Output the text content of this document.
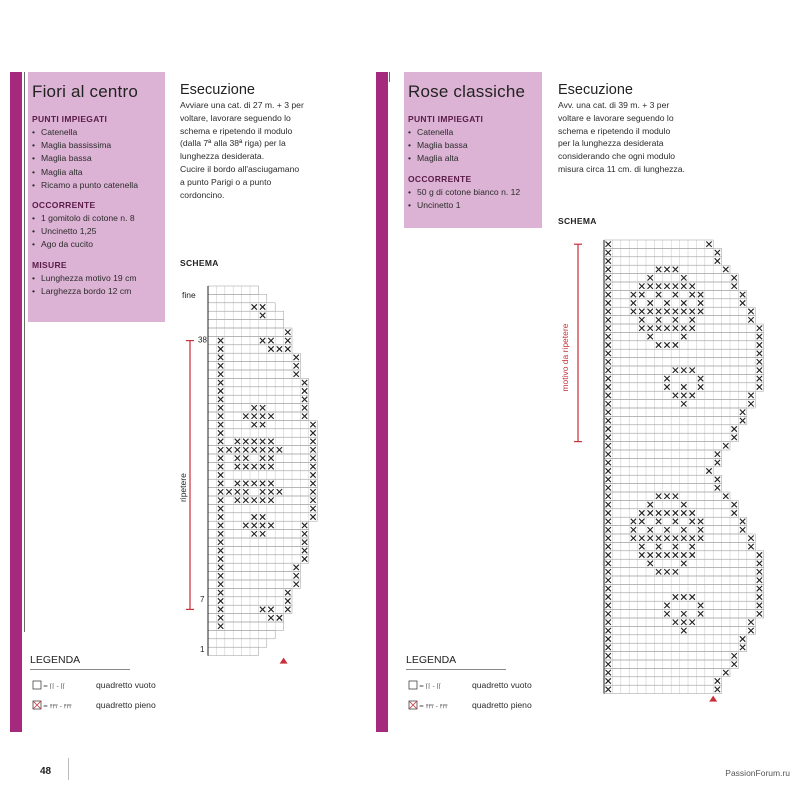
Fiori al centro
PUNTI IMPIEGATI
• Catenella
• Maglia bassissima
• Maglia bassa
• Maglia alta
• Ricamo a punto catenella
OCCORRENTE
• 1 gomitolo di cotone n. 8
• Uncinetto 1,25
• Ago da cucito
MISURE
• Lunghezza motivo 19 cm
• Larghezza bordo 12 cm
Esecuzione

Avviare una cat. di 27 m. + 3 per
voltare, lavorare seguendo lo
schema e ripetendo il modulo
(dalla 7ª alla 38ª riga) per la
lunghezza desiderata.
Cucire il bordo all'asciugamano
a punto Parigi o a punto
cordoncino.

SCHEMA
fine
38
7
1
ripetere
LEGENDA
= ⌈⌈ - ⌈⌈	quadretto vuoto
= ⫯⫯⫯ - ⫯⫯⫯	quadretto pieno
Rose classiche
PUNTI IMPIEGATI
• Catenella
• Maglia bassa
• Maglia alta
OCCORRENTE
• 50 g di cotone bianco n. 12
• Uncinetto 1
Esecuzione

Avv. una cat. di 39 m. + 3 per
voltare e lavorare seguendo lo
schema e ripetendo il modulo
per la lunghezza desiderata
considerando che ogni modulo
misura circa 11 cm. di lunghezza.

SCHEMA
motivo da ripetere
LEGENDA
= ⌈⌈ - ⌈⌈	quadretto vuoto
= ⫯⫯⫯ - ⫯⫯⫯	quadretto pieno
48	PassionForum.ru
